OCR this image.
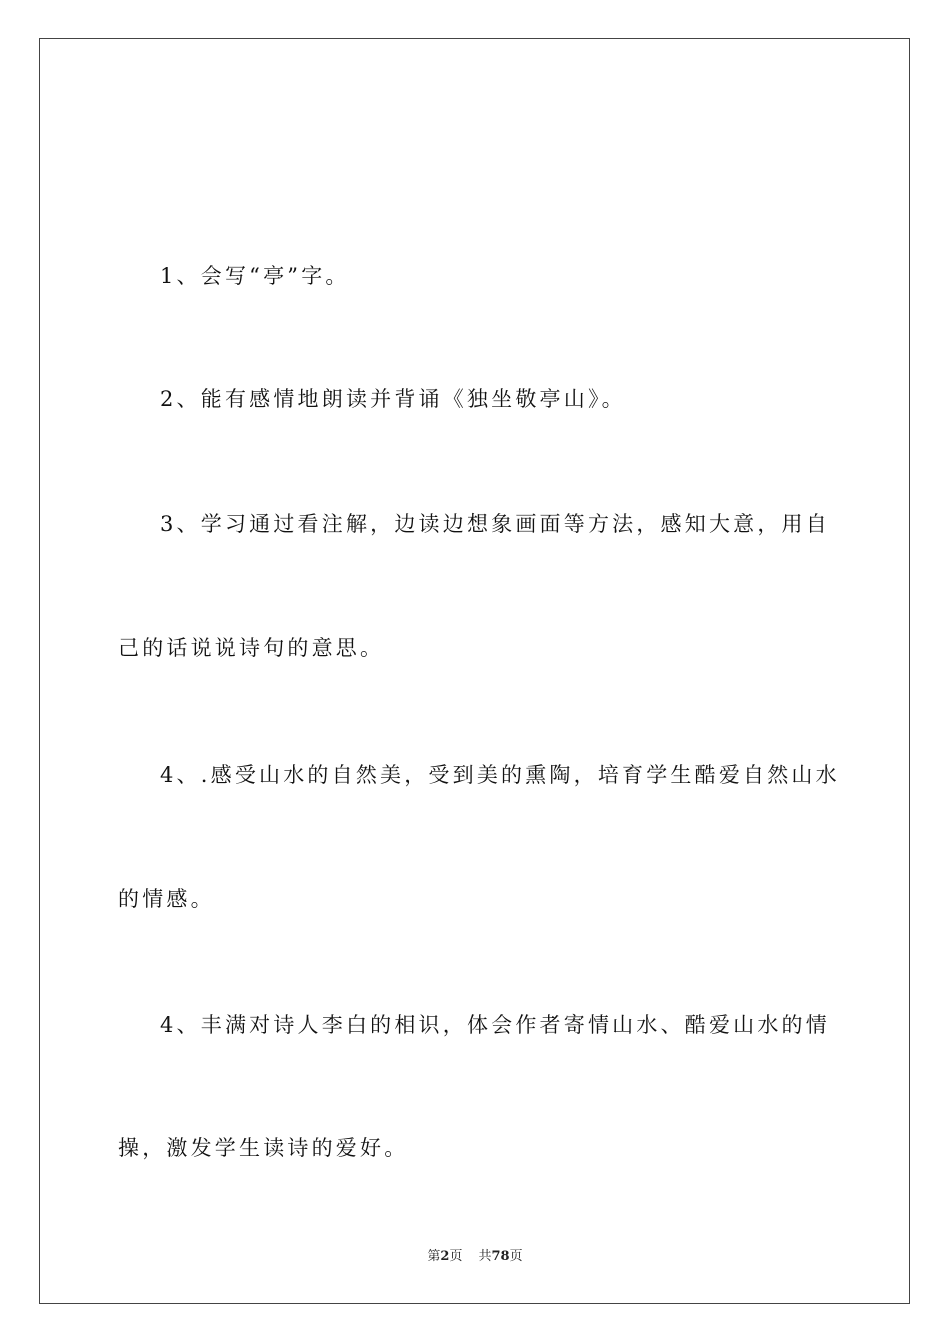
1、会写“亭”字。
2、能有感情地朗读并背诵《独坐敬亭山》。
3、学习通过看注解，边读边想象画面等方法，感知大意，用自
己的话说说诗句的意思。
4、.感受山水的自然美，受到美的熏陶，培育学生酷爱自然山水
的情感。
4、丰满对诗人李白的相识，体会作者寄情山水、酷爱山水的情
操，激发学生读诗的爱好。
第2页 共78页
